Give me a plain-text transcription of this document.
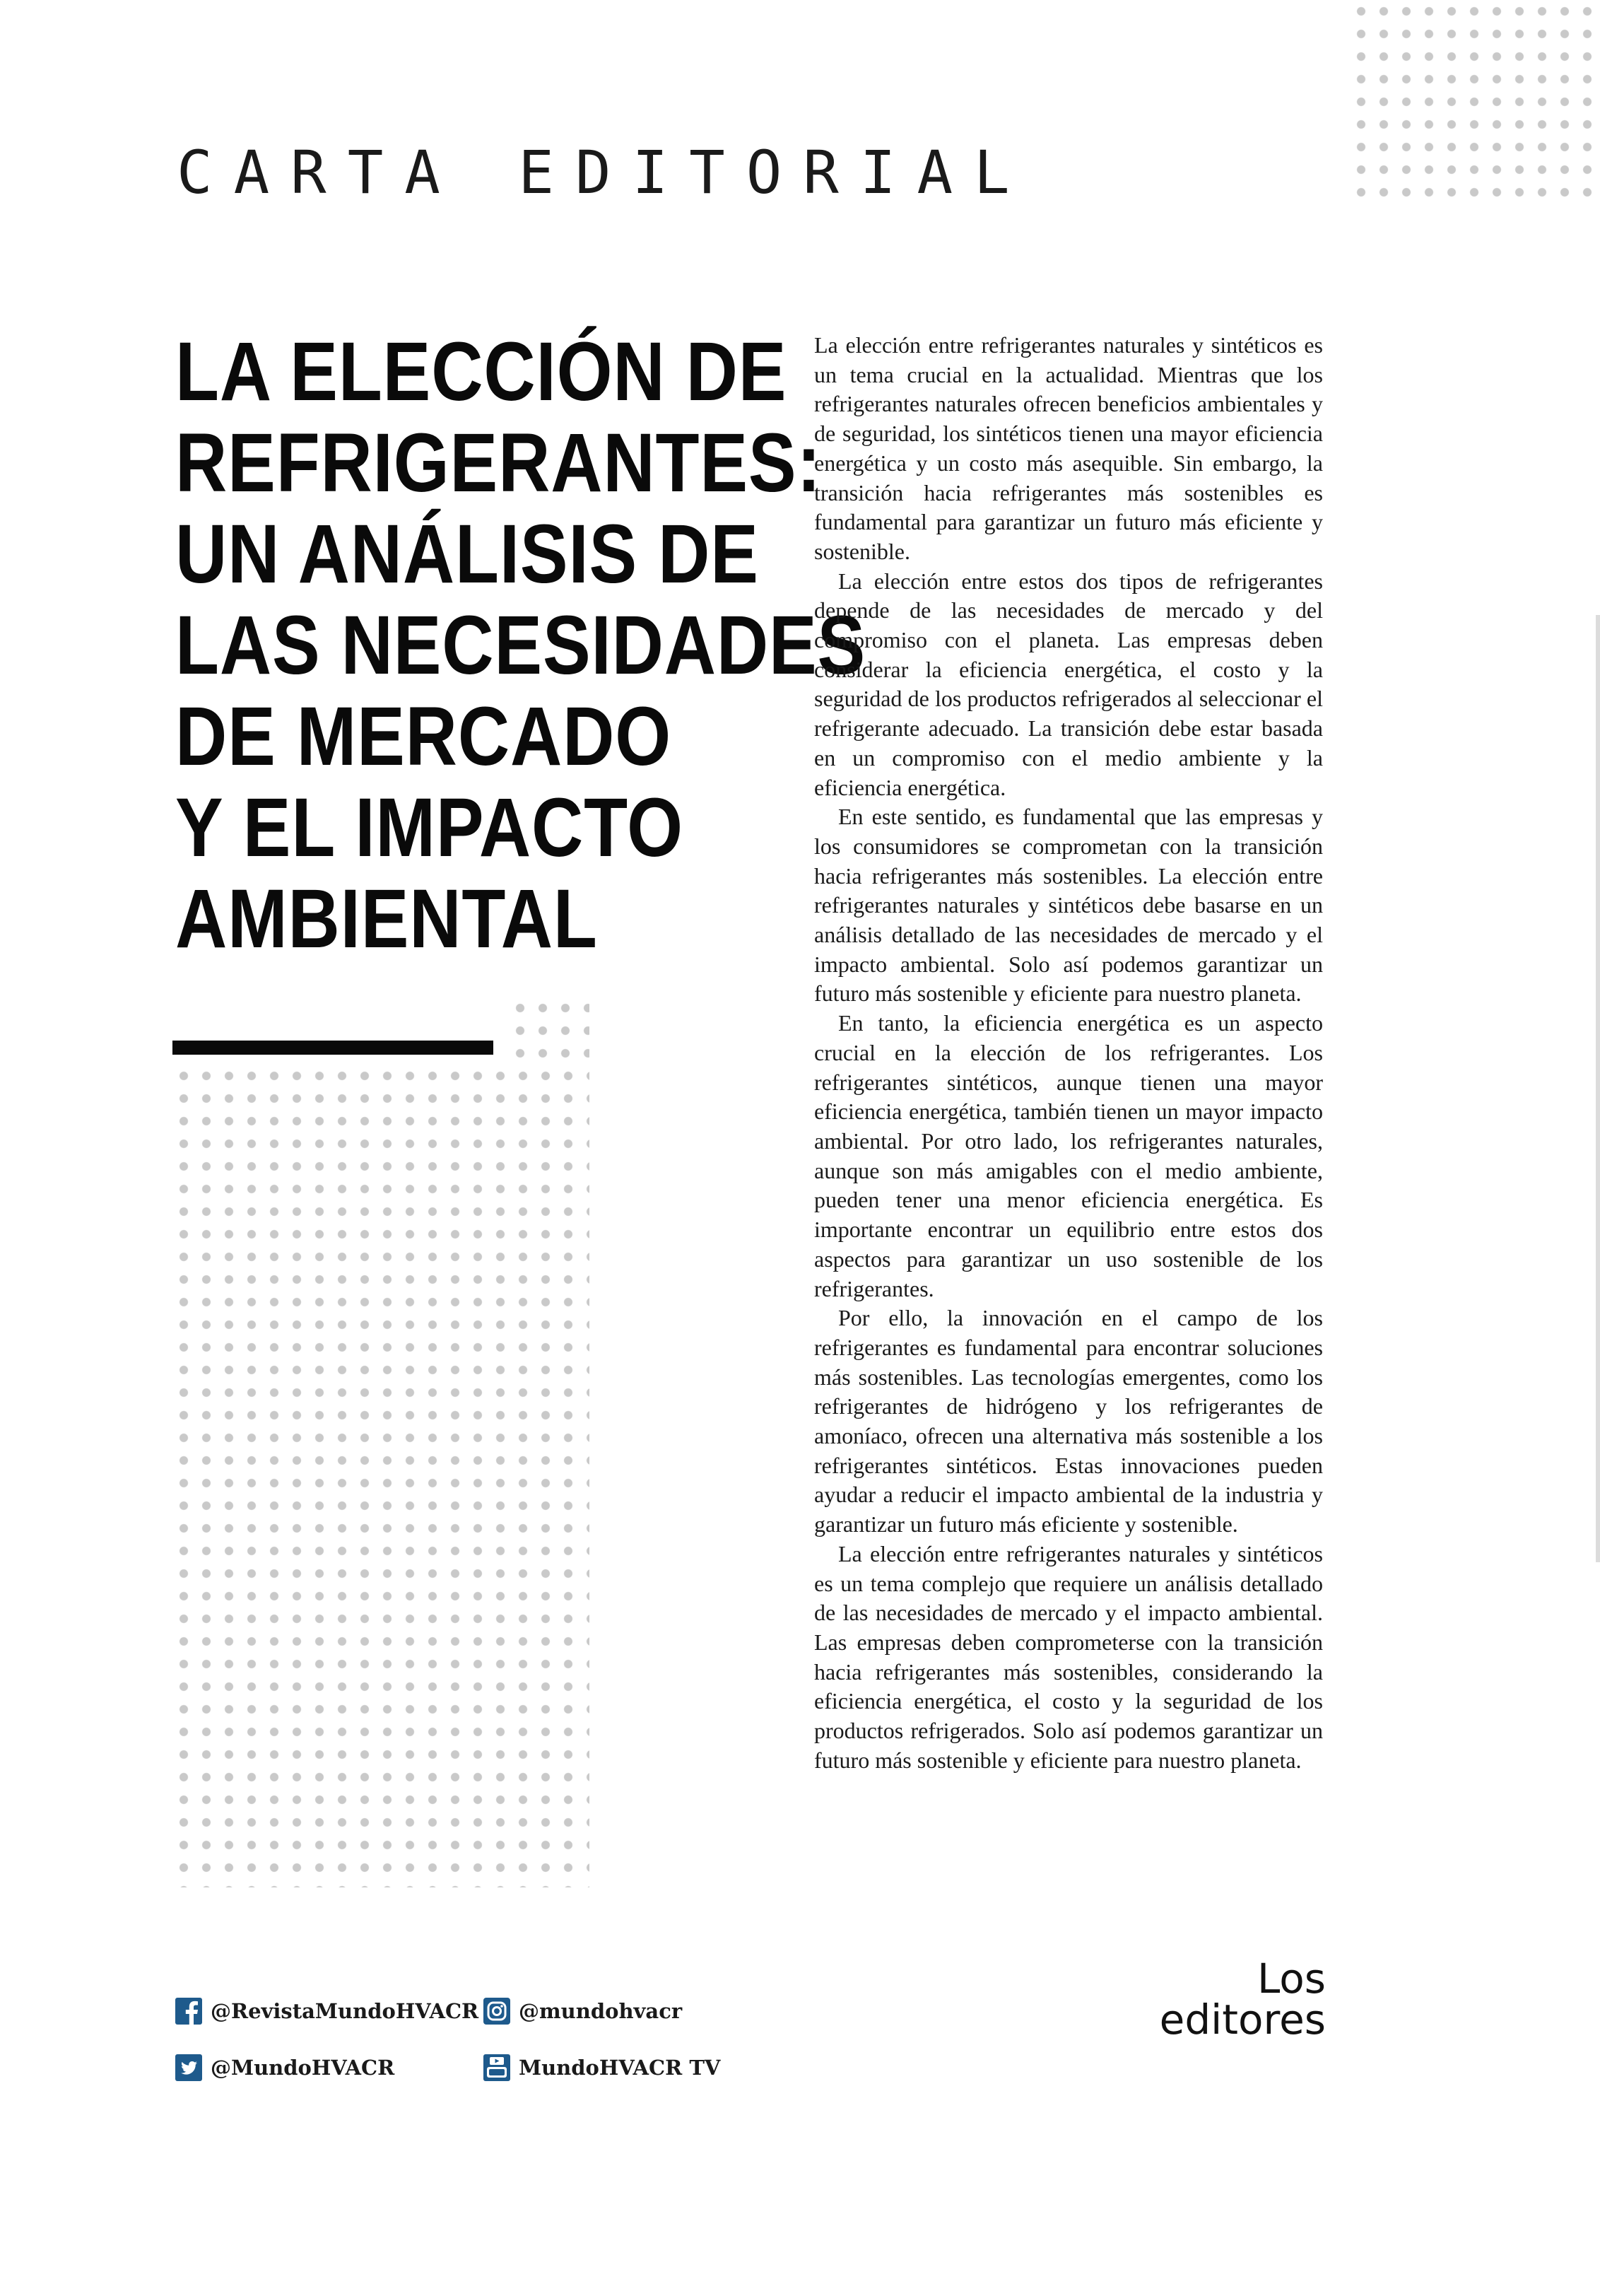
CARTA EDITORIAL
LA ELECCIÓN DE
REFRIGERANTES:
UN ANÁLISIS DE
LAS NECESIDADES
DE MERCADO
Y EL IMPACTO
AMBIENTAL

La elección entre refrigerantes naturales y sintéticos es un tema crucial en la actualidad. Mientras que los refrigerantes naturales ofrecen beneficios ambientales y de seguridad, los sintéticos tienen una mayor eficiencia energética y un costo más asequible. Sin embargo, la transición hacia refrigerantes más sostenibles es fundamental para garantizar un futuro más eficiente y sostenible.

La elección entre estos dos tipos de refrigerantes depende de las necesidades de mercado y del compromiso con el planeta. Las empresas deben considerar la eficiencia energética, el costo y la seguridad de los productos refrigerados al seleccionar el refrigerante adecuado. La transición debe estar basada en un compromiso con el medio ambiente y la eficiencia energética.

En este sentido, es fundamental que las empresas y los consumidores se comprometan con la transición hacia refrigerantes más sostenibles. La elección entre refrigerantes naturales y sintéticos debe basarse en un análisis detallado de las necesidades de mercado y el impacto ambiental. Solo así podemos garantizar un futuro más sostenible y eficiente para nuestro planeta.

En tanto, la eficiencia energética es un aspecto crucial en la elección de los refrigerantes. Los refrigerantes sintéticos, aunque tienen una mayor eficiencia energética, también tienen un mayor impacto ambiental. Por otro lado, los refrigerantes naturales, aunque son más amigables con el medio ambiente, pueden tener una menor eficiencia energética. Es importante encontrar un equilibrio entre estos dos aspectos para garantizar un uso sostenible de los refrigerantes.

Por ello, la innovación en el campo de los refrigerantes es fundamental para encontrar soluciones más sostenibles. Las tecnologías emergentes, como los refrigerantes de hidrógeno y los refrigerantes de amoníaco, ofrecen una alternativa más sostenible a los refrigerantes sintéticos. Estas innovaciones pueden ayudar a reducir el impacto ambiental de la industria y garantizar un futuro más eficiente y sostenible.

La elección entre refrigerantes naturales y sintéticos es un tema complejo que requiere un análisis detallado de las necesidades de mercado y el impacto ambiental. Las empresas deben comprometerse con la transición hacia refrigerantes más sostenibles, considerando la eficiencia energética, el costo y la seguridad de los productos refrigerados. Solo así podemos garantizar un futuro más sostenible y eficiente para nuestro planeta.

Los editores
@RevistaMundoHVACR @mundohvacr
@MundoHVACR	MundoHVACR TV
